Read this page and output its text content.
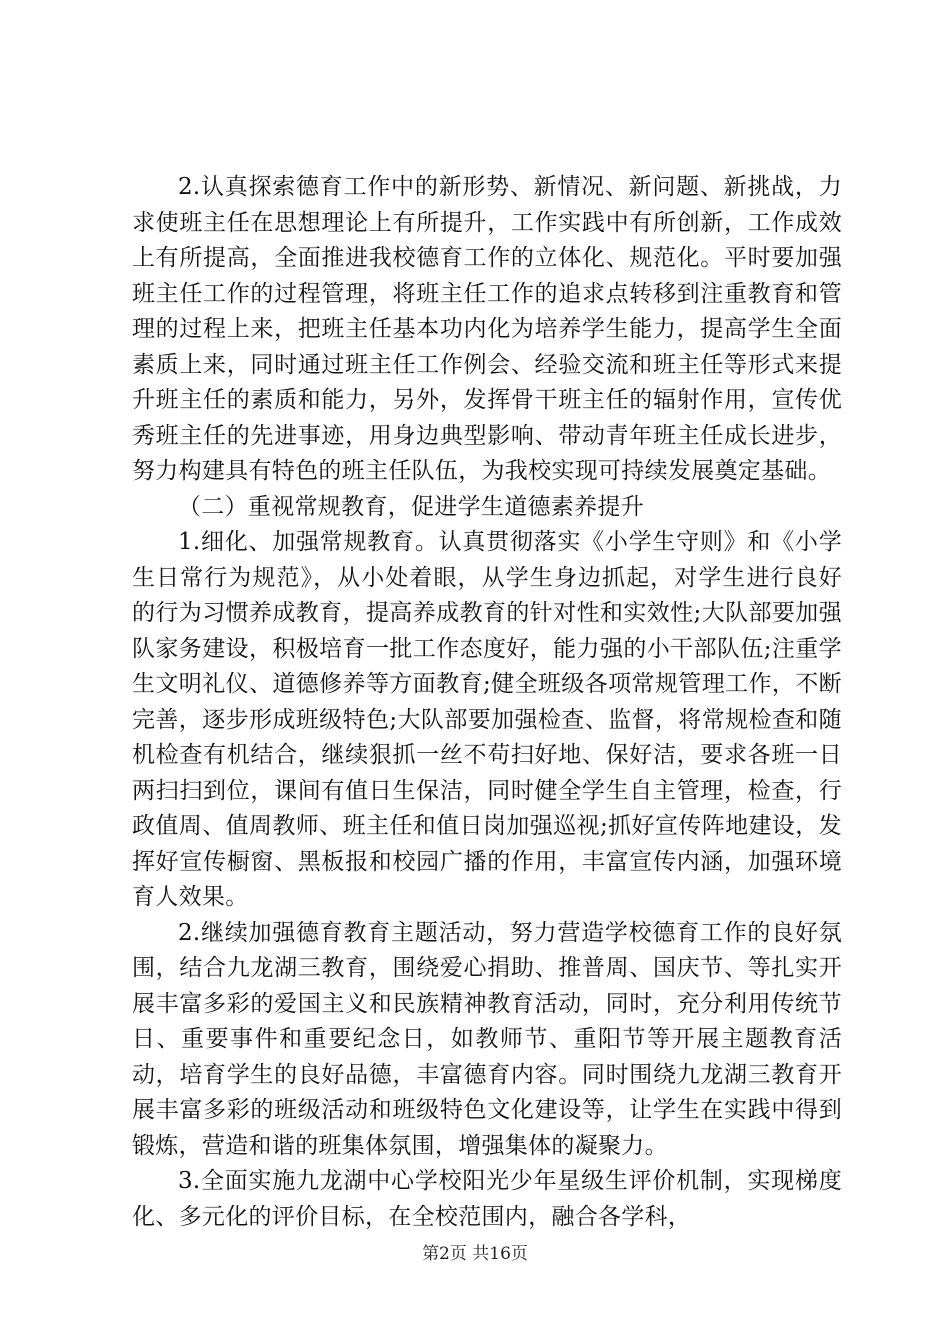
2.认真探索德育工作中的新形势、新情况、新问题、新挑战，力求使班主任在思想理论上有所提升，工作实践中有所创新，工作成效上有所提高，全面推进我校德育工作的立体化、规范化。平时要加强班主任工作的过程管理，将班主任工作的追求点转移到注重教育和管理的过程上来，把班主任基本功内化为培养学生能力，提高学生全面素质上来，同时通过班主任工作例会、经验交流和班主任等形式来提升班主任的素质和能力，另外，发挥骨干班主任的辐射作用，宣传优秀班主任的先进事迹，用身边典型影响、带动青年班主任成长进步，努力构建具有特色的班主任队伍，为我校实现可持续发展奠定基础。

（二）重视常规教育，促进学生道德素养提升

1.细化、加强常规教育。认真贯彻落实《小学生守则》和《小学生日常行为规范》，从小处着眼，从学生身边抓起，对学生进行良好的行为习惯养成教育，提高养成教育的针对性和实效性;大队部要加强队家务建设，积极培育一批工作态度好，能力强的小干部队伍;注重学生文明礼仪、道德修养等方面教育;健全班级各项常规管理工作，不断完善，逐步形成班级特色;大队部要加强检查、监督，将常规检查和随机检查有机结合，继续狠抓一丝不苟扫好地、保好洁，要求各班一日两扫扫到位，课间有值日生保洁，同时健全学生自主管理，检查，行政值周、值周教师、班主任和值日岗加强巡视;抓好宣传阵地建设，发挥好宣传橱窗、黑板报和校园广播的作用，丰富宣传内涵，加强环境育人效果。

2.继续加强德育教育主题活动，努力营造学校德育工作的良好氛围，结合九龙湖三教育，围绕爱心捐助、推普周、国庆节、等扎实开展丰富多彩的爱国主义和民族精神教育活动，同时，充分利用传统节日、重要事件和重要纪念日，如教师节、重阳节等开展主题教育活动，培育学生的良好品德，丰富德育内容。同时围绕九龙湖三教育开展丰富多彩的班级活动和班级特色文化建设等，让学生在实践中得到锻炼，营造和谐的班集体氛围，增强集体的凝聚力。

3.全面实施九龙湖中心学校阳光少年星级生评价机制，实现梯度化、多元化的评价目标，在全校范围内，融合各学科，

第2页 共16页
